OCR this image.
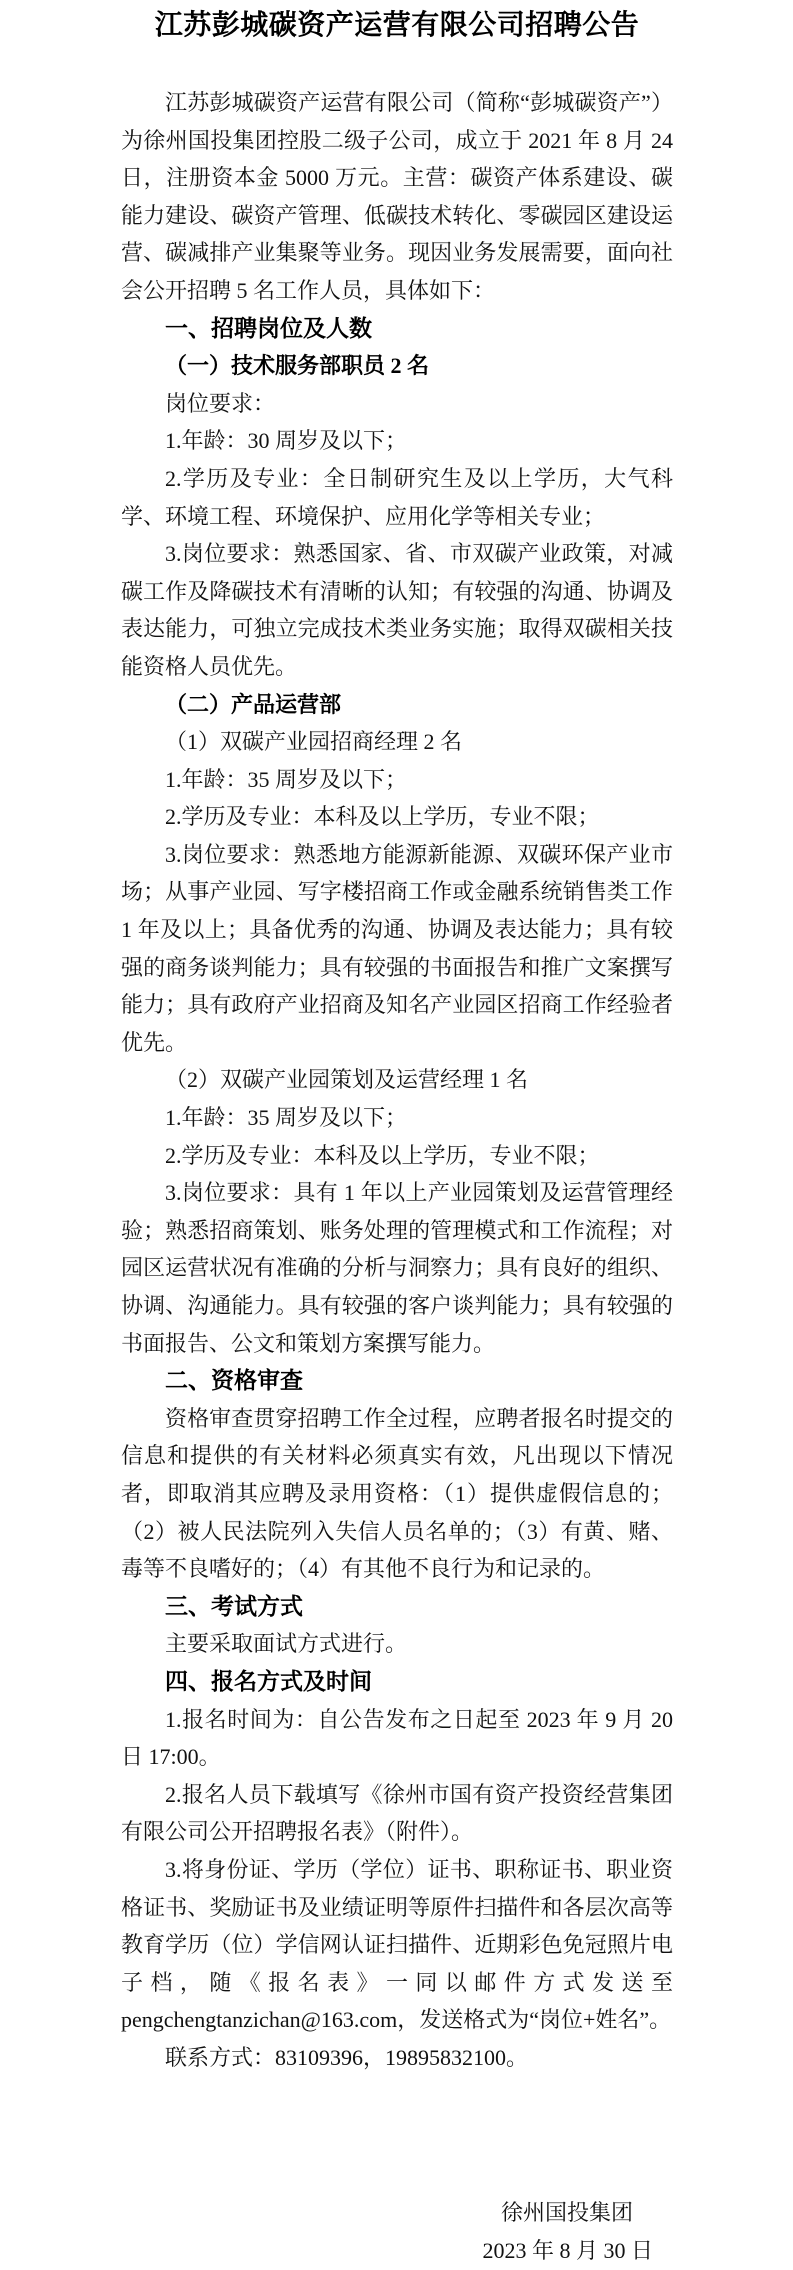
江苏彭城碳资产运营有限公司招聘公告
江苏彭城碳资产运营有限公司（简称“彭城碳资产”）为徐州国投集团控股二级子公司，成立于 2021 年 8 月 24 日，注册资本金 5000 万元。主营：碳资产体系建设、碳能力建设、碳资产管理、低碳技术转化、零碳园区建设运营、碳减排产业集聚等业务。现因业务发展需要，面向社会公开招聘 5 名工作人员，具体如下：
一、招聘岗位及人数
（一）技术服务部职员 2 名
岗位要求：
1.年龄：30 周岁及以下；
2.学历及专业：全日制研究生及以上学历，大气科学、环境工程、环境保护、应用化学等相关专业；
3.岗位要求：熟悉国家、省、市双碳产业政策，对减碳工作及降碳技术有清晰的认知；有较强的沟通、协调及表达能力，可独立完成技术类业务实施；取得双碳相关技能资格人员优先。
（二）产品运营部
（1）双碳产业园招商经理 2 名
1.年龄：35 周岁及以下；
2.学历及专业：本科及以上学历，专业不限；
3.岗位要求：熟悉地方能源新能源、双碳环保产业市场；从事产业园、写字楼招商工作或金融系统销售类工作 1 年及以上；具备优秀的沟通、协调及表达能力；具有较强的商务谈判能力；具有较强的书面报告和推广文案撰写能力；具有政府产业招商及知名产业园区招商工作经验者优先。
（2）双碳产业园策划及运营经理 1 名
1.年龄：35 周岁及以下；
2.学历及专业：本科及以上学历，专业不限；
3.岗位要求：具有 1 年以上产业园策划及运营管理经验；熟悉招商策划、账务处理的管理模式和工作流程；对园区运营状况有准确的分析与洞察力；具有良好的组织、协调、沟通能力。具有较强的客户谈判能力；具有较强的书面报告、公文和策划方案撰写能力。
二、资格审查
资格审查贯穿招聘工作全过程，应聘者报名时提交的信息和提供的有关材料必须真实有效，凡出现以下情况者，即取消其应聘及录用资格：（1）提供虚假信息的；（2）被人民法院列入失信人员名单的；（3）有黄、赌、毒等不良嗜好的；（4）有其他不良行为和记录的。
三、考试方式
主要采取面试方式进行。
四、报名方式及时间
1.报名时间为：自公告发布之日起至 2023 年 9 月 20 日 17:00。
2.报名人员下载填写《徐州市国有资产投资经营集团有限公司公开招聘报名表》（附件）。
3.将身份证、学历（学位）证书、职称证书、职业资格证书、奖励证书及业绩证明等原件扫描件和各层次高等教育学历（位）学信网认证扫描件、近期彩色免冠照片电子档，随《报名表》一同以邮件方式发送至pengchengtanzichan@163.com，发送格式为“岗位+姓名”。
联系方式：83109396，19895832100。
徐州国投集团
2023 年 8 月 30 日
